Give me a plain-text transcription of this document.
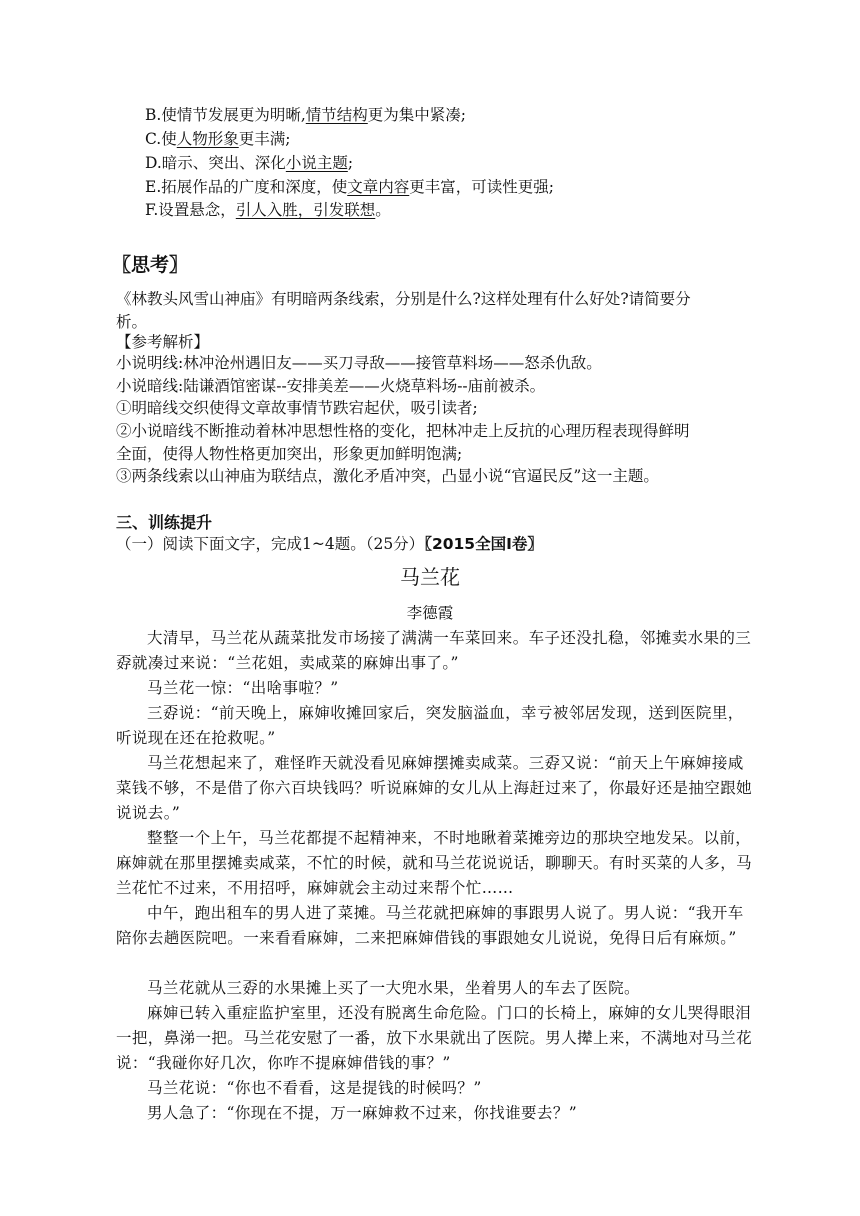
B.使情节发展更为明晰,情节结构更为集中紧凑;
C.使人物形象更丰满;
D.暗示、突出、深化小说主题;
E.拓展作品的广度和深度，使文章内容更丰富，可读性更强;
F.设置悬念，引人入胜，引发联想。
〖思考〗
《林教头风雪山神庙》有明暗两条线索，分别是什么?这样处理有什么好处?请简要分
析。
【参考解析】
小说明线:林冲沧州遇旧友——买刀寻敌——接管草料场——怒杀仇敌。
小说暗线:陆谦酒馆密谋--安排美差——火烧草料场--庙前被杀。
①明暗线交织使得文章故事情节跌宕起伏，吸引读者;
②小说暗线不断推动着林冲思想性格的变化，把林冲走上反抗的心理历程表现得鲜明
全面，使得人物性格更加突出，形象更加鲜明饱满;
③两条线索以山神庙为联结点，激化矛盾冲突，凸显小说“官逼民反”这一主题。
三、训练提升
（一）阅读下面文字，完成1~4题。（25分）〖2015全国Ⅰ卷〗
马兰花
李德霞
大清早，马兰花从蔬菜批发市场接了满满一车菜回来。车子还没扎稳，邻摊卖水果的三孬就凑过来说：“兰花姐，卖咸菜的麻婶出事了。”
马兰花一惊：“出啥事啦？”
三孬说：“前天晚上，麻婶收摊回家后，突发脑溢血，幸亏被邻居发现，送到医院里，听说现在还在抢救呢。”
马兰花想起来了，难怪昨天就没看见麻婶摆摊卖咸菜。三孬又说：“前天上午麻婶接咸菜钱不够，不是借了你六百块钱吗？听说麻婶的女儿从上海赶过来了，你最好还是抽空跟她说说去。”
整整一个上午，马兰花都提不起精神来，不时地瞅着菜摊旁边的那块空地发呆。以前，麻婶就在那里摆摊卖咸菜，不忙的时候，就和马兰花说说话，聊聊天。有时买菜的人多，马兰花忙不过来，不用招呼，麻婶就会主动过来帮个忙……
中午，跑出租车的男人进了菜摊。马兰花就把麻婶的事跟男人说了。男人说：“我开车陪你去趟医院吧。一来看看麻婶，二来把麻婶借钱的事跟她女儿说说，免得日后有麻烦。”
马兰花就从三孬的水果摊上买了一大兜水果，坐着男人的车去了医院。
麻婶已转入重症监护室里，还没有脱离生命危险。门口的长椅上，麻婶的女儿哭得眼泪一把，鼻涕一把。马兰花安慰了一番，放下水果就出了医院。男人撵上来，不满地对马兰花说：“我碰你好几次，你咋不提麻婶借钱的事？”
马兰花说：“你也不看看，这是提钱的时候吗？”
男人急了：“你现在不提，万一麻婶救不过来，你找谁要去？”
